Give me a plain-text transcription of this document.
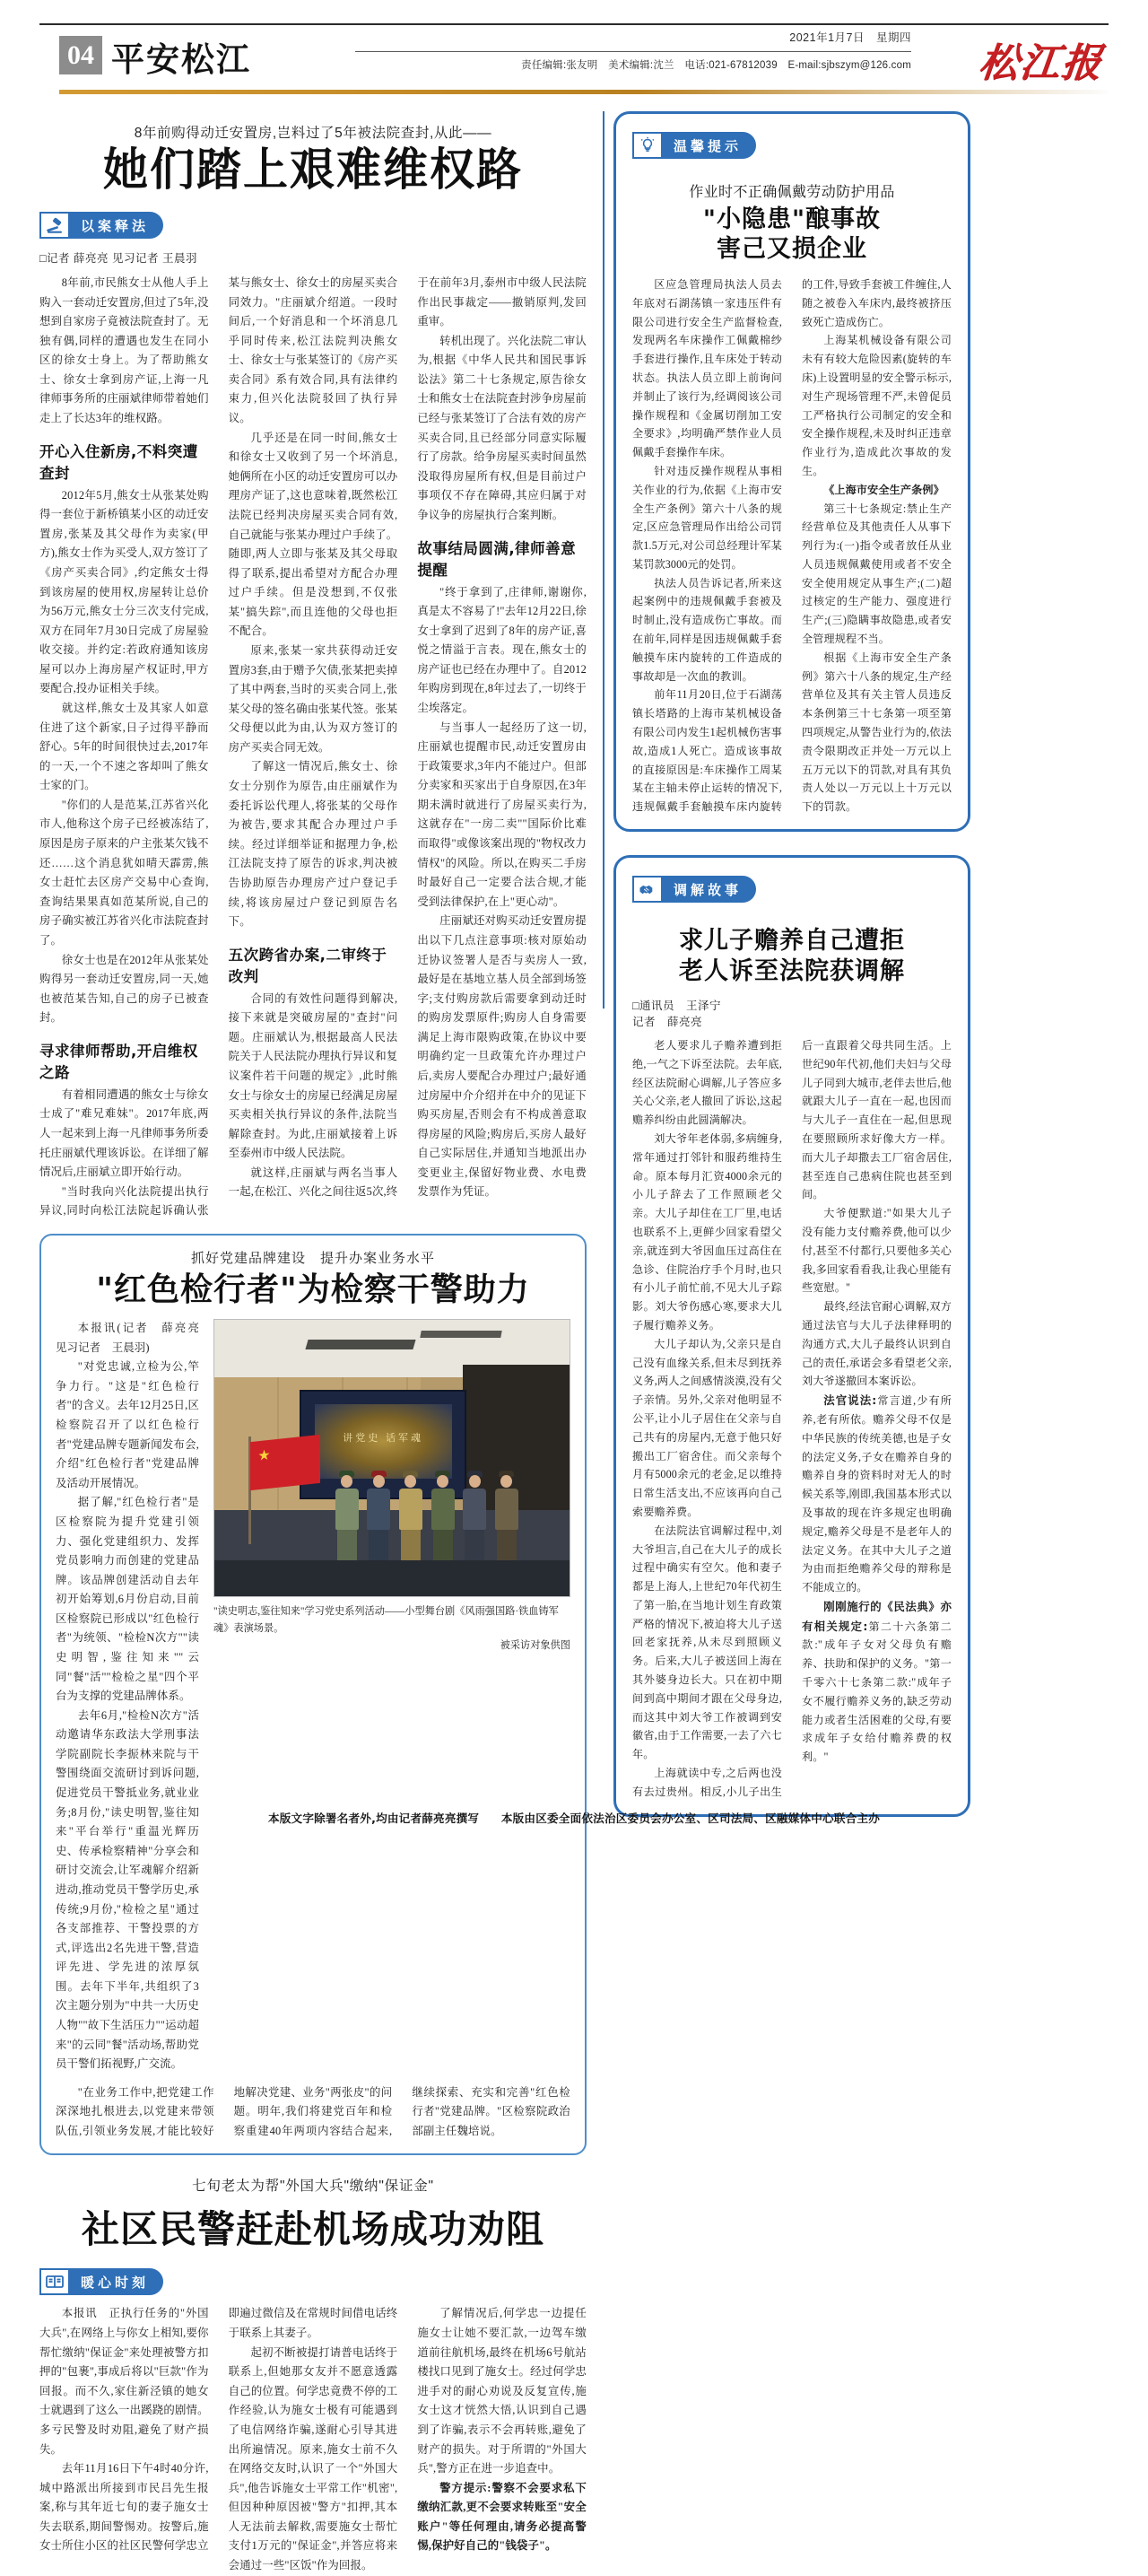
04 平安松江
2021年1月7日　星期四
责任编辑:张友明　美术编辑:沈兰　电话:021-67812039　E-mail:sjbszym@126.com 松江报
8年前购得动迁安置房,岂料过了5年被法院查封,从此——
她们踏上艰难维权路
以案释法
□记者 薛亮亮 见习记者 王晨羽

8年前,市民熊女士从他人手上购入一套动迁安置房,但过了5年,没想到自家房子竟被法院查封了。无独有偶,同样的遭遇也发生在同小区的徐女士身上。为了帮助熊女士、徐女士拿到房产证,上海一凡律师事务所的庄丽斌律师带着她们走上了长达3年的维权路。

开心入住新房,不料突遭查封

2012年5月,熊女士从张某处购得一套位于新桥镇某小区的动迁安置房,张某及其父母作为卖家(甲方),熊女士作为买受人,双方签订了《房产买卖合同》,约定熊女士得到该房屋的使用权,房屋转让总价为56万元,熊女士分三次支付完成,双方在同年7月30日完成了房屋验收交接。并约定:若政府通知该房屋可以办上海房屋产权证时,甲方要配合,投办证相关手续。

就这样,熊女士及其家人如意住进了这个新家,日子过得平静而舒心。5年的时间很快过去,2017年的一天,一个不速之客却叫了熊女士家的门。

"你们的人是范某,江苏省兴化市人,他称这个房子已经被冻结了,原因是房子原来的户主张某欠钱不还……这个消息犹如晴天霹雳,熊女士赶忙去区房产交易中心查询,查询结果果真如范某所说,自己的房子确实被江苏省兴化市法院查封了。

徐女士也是在2012年从张某处购得另一套动迁安置房,同一天,她也被范某告知,自己的房子已被查封。

寻求律师帮助,开启维权之路

有着相同遭遇的熊女士与徐女士成了"难兄难妹"。2017年底,两人一起来到上海一凡律师事务所委托庄丽斌代理该诉讼。在详细了解情况后,庄丽斌立即开始行动。

"当时我向兴化法院提出执行异议,同时向松江法院起诉确认张某与熊女士、徐女士的房屋买卖合同效力。"庄丽斌介绍道。一段时间后,一个好消息和一个坏消息几乎同时传来,松江法院判决熊女士、徐女士与张某签订的《房产买卖合同》系有效合同,具有法律约束力,但兴化法院驳回了执行异议。

几乎还是在同一时间,熊女士和徐女士又收到了另一个坏消息,她俩所在小区的动迁安置房可以办理房产证了,这也意味着,既然松江法院已经判决房屋买卖合同有效,自己就能与张某办理过户手续了。随即,两人立即与张某及其父母取得了联系,提出希望对方配合办理过户手续。但是没想到,不仅张某"搞失踪",而且连他的父母也拒不配合。

原来,张某一家共获得动迁安置房3套,由于赠予欠债,张某把卖掉了其中两套,当时的买卖合同上,张某父母的签名确由张某代签。张某父母便以此为由,认为双方签订的房产买卖合同无效。

了解这一情况后,熊女士、徐女士分别作为原告,由庄丽斌作为委托诉讼代理人,将张某的父母作为被告,要求其配合办理过户手续。经过详细举证和据理力争,松江法院支持了原告的诉求,判决被告协助原告办理房产过户登记手续,将该房屋过户登记到原告名下。

五次跨省办案,二审终于改判

合同的有效性问题得到解决,接下来就是突破房屋的"查封"问题。庄丽斌认为,根据最高人民法院关于人民法院办理执行异议和复议案件若干问题的规定》,此时熊女士与徐女士的房屋已经满足房屋买卖相关执行异议的条件,法院当解除查封。为此,庄丽斌接着上诉至泰州市中级人民法院。

就这样,庄丽斌与两名当事人一起,在松江、兴化之间往返5次,终于在前年3月,泰州市中级人民法院作出民事裁定——撤销原判,发回重审。

转机出现了。兴化法院二审认为,根据《中华人民共和国民事诉讼法》第二十七条规定,原告徐女士和熊女士在法院查封涉争房屋前已经与张某签订了合法有效的房产买卖合同,且已经部分同意实际履行了房款。给争房屋买卖时间虽然没取得房屋所有权,但是目前过户事项仅不存在障碍,其应归属于对争议争的房屋执行合案判断。

故事结局圆满,律师善意提醒

"终于拿到了,庄律师,谢谢你,真是太不容易了!"去年12月22日,徐女士拿到了迟到了8年的房产证,喜悦之情溢于言表。现在,熊女士的房产证也已经在办理中了。自2012年购房到现在,8年过去了,一切终于尘埃落定。

与当事人一起经历了这一切,庄丽斌也提醒市民,动迁安置房由于政策要求,3年内不能过户。但部分卖家和买家出于自身原因,在3年期未满时就进行了房屋买卖行为,这就存在"一房二卖""国际价比难而取得"或像该案出现的"物权改力情权"的风险。所以,在购买二手房时最好自己一定要合法合规,才能受到法律保护,在上"更心动"。

庄丽斌还对购买动迁安置房提出以下几点注意事项:核对原始动迁协议签署人是否与卖房人一致,最好是在基地立基人员全部到场签字;支付购房款后需要拿到动迁时的购房发票原件;购房人自身需要满足上海市限购政策,在协议中要明确约定一旦政策允许办理过户后,卖房人要配合办理过户;最好通过房屋中介介绍并在中介的见证下购买房屋,否则会有不构成善意取得房屋的风险;购房后,买房人最好自己实际居住,并通知当地派出办变更业主,保留好物业费、水电费发票作为凭证。

抓好党建品牌建设　提升办案业务水平
"红色检行者"为检察干警助力

本报讯(记者　薛亮亮　见习记者　王晨羽)

"对党忠诚,立检为公,竿争力行。"这是"红色检行者"的含义。去年12月25日,区检察院召开了以红色检行者"党建品牌专题新闻发布会,介绍"红色检行者"党建品牌及活动开展情况。

据了解,"红色检行者"是区检察院为提升党建引领力、强化党建组织力、发挥党员影响力而创建的党建品牌。该品牌创建活动自去年初开始筹划,6月份启动,目前区检察院已形成以"红色检行者"为统领、"检检N次方""读史明智,鉴往知来""云同"餐"活""检检之星"四个平台为支撑的党建品牌体系。

去年6月,"检检N次方"活动邀请华东政法大学刑事法学院副院长李振林来院与干警围绕面交流研讨到诉问题,促进党员干警抵业务,就业业务;8月份,"读史明智,鉴往知来"平台举行"重温光辉历史、传承检察精神"分享会和研讨交流会,让军魂解介绍新进动,推动党员干警学历史,承传统;9月份,"检检之星"通过各支部推荐、干警投票的方式,评选出2名先进干警,营造评先进、学先进的浓厚氛围。去年下半年,共组织了3次主题分别为"中共一大历史人物""故下生活压力""运动超来"的云同"餐"活动场,帮助党员干警们拓视野,广交流。

讲党史 话军魂
★
"读史明志,鉴往知来"学习党史系列活动——小型舞台剧《风雨强国路·铁血铸军魂》表演场景。
被采访对象供图

"在业务工作中,把党建工作深深地扎根进去,以党建来带领队伍,引领业务发展,才能比较好地解决党建、业务"两张皮"的问题。明年,我们将建党百年和检察重建40年两项内容结合起来,继续探索、充实和完善"红色检行者"党建品牌。"区检察院政治部副主任魏培说。

七旬老太为帮"外国大兵"缴纳"保证金"
社区民警赶赴机场成功劝阻
暖心时刻

本报讯　正执行任务的"外国大兵",在网络上与你女上相知,要你帮忙缴纳"保证金"来处理被警方扣押的"包裹",事成后将以"巨款"作为回报。而不久,家住新泾镇的她女士就遇到了这么一出蹊跷的剧情。多亏民警及时劝阻,避免了财产损失。

去年11月16日下午4时40分许,城中路派出所接到市民吕先生报案,称与其年近七旬的妻子施女士失去联系,期间警惕劝。按警后,施女士所住小区的社区民警何学忠立即遍过微信及在常规时间借电话终于联系上其妻子。

起初不断被提打请普电话终于联系上,但她那女友并不愿意透露自己的位置。何学忠竟费不停的工作经验,认为施女士极有可能遇到了电信网络诈骗,遂耐心引导其进出所遍情况。原来,施女士前不久在网络交友时,认识了一个"外国大兵",他告诉施女士平常工作"机密",但因种种原因被"警方"扣押,其本人无法前去解救,需要施女士帮忙支付1万元的"保证金",并答应将来会通过一些"区饭"作为回报。

了解情况后,何学忠一边提任施女士让她不要汇款,一边驾车缴道前往航机场,最终在机场6号航站楼找口见到了施女士。经过何学忠进手对的耐心劝说及反复宣传,施女士这才恍然大悟,认识到自己遇到了诈骗,表示不会再转账,避免了财产的损失。对于所谓的"外国大兵",警方正在进一步追查中。

警方提示:警察不会要求私下缴纳汇款,更不会要求转账至"安全账户"等任何理由,请务必提高警惕,保护好自己的"钱袋子"。

温馨提示
作业时不正确佩戴劳动防护用品
"小隐患"酿事故
害己又损企业

区应急管理局执法人员去年底对石湖荡镇一家违压件有限公司进行安全生产监督检查,发现两名车床操作工佩戴棉纱手套进行操作,且车床处于转动状态。执法人员立即上前询问并制止了该行为,经调阅该公司操作规程和《金属切削加工安全要求》,均明确严禁作业人员佩戴手套操作车床。

针对违反操作规程从事相关作业的行为,依据《上海市安全生产条例》第六十八条的规定,区应急管理局作出给公司罚款1.5万元,对公司总经理计军某某罚款3000元的处罚。

执法人员告诉记者,所来这起案例中的违规佩戴手套被及时制止,没有造成伤亡事故。而在前年,同样是因违规佩戴手套触摸车床内旋转的工件造成的事故却是一次血的教训。

前年11月20日,位于石湖荡镇长塔路的上海市某机械设备有限公司内发生1起机械伤害事故,造成1人死亡。造成该事故的直接原因是:车床操作工周某某在主轴未停止运转的情况下,违规佩戴手套触摸车床内旋转的工件,导致手套被工件缠住,人随之被卷入车床内,最终被挤压致死亡造成伤亡。

上海某机械设备有限公司未有有较大危险因素(旋转的车床)上设置明显的安全警示标示,对生产现场管理不严,未曾促员工严格执行公司制定的安全和安全操作规程,未及时纠正违章作业行为,造成此次事故的发生。

《上海市安全生产条例》

第三十七条规定:禁止生产经营单位及其他责任人从事下列行为:(一)指令或者放任从业人员违规佩戴使用或者不安全安全使用规定从事生产;(二)超过核定的生产能力、强度进行生产;(三)隐瞒事故隐患,或者安全管理规程不当。

根据《上海市安全生产条例》第六十八条的规定,生产经营单位及其有关主管人员违反本条例第三十七条第一项至第四项规定,从警告业行为的,依法责令限期改正并处一万元以上五万元以下的罚款,对具有其负责人处以一万元以上十万元以下的罚款。

调解故事
求儿子赡养自己遭拒
老人诉至法院获调解
□通讯员　王泽宁
记者　薛亮亮

老人要求儿子赡养遭到拒绝,一气之下诉至法院。去年底,经区法院耐心调解,儿子答应多关心父亲,老人撤回了诉讼,这起赡养纠纷由此圆满解决。

刘大爷年老体弱,多病缠身,常年通过打邻针和服药维持生命。原本每月汇资4000余元的小儿子辞去了工作照顾老父亲。大儿子却住在工厂里,电话也联系不上,更鲜少回家看望父亲,就连到大爷因血压过高住在急诊、住院治疗手个月时,也只有小儿子前忙前,不见大儿子踪影。刘大爷伤感心寒,要求大儿子履行赡养义务。

大儿子却认为,父亲只是自己没有血缘关系,但未尽到抚养义务,两人之间感情淡漠,没有父子亲情。另外,父亲对他明显不公平,让小儿子居住在父亲与自己共有的房屋内,无意于他只好搬出工厂宿舍住。而父亲每个月有5000余元的老金,足以维持日常生活支出,不应该再向自己索要赡养费。

在法院法官调解过程中,刘大爷坦言,自己在大儿子的成长过程中确实有空欠。他和妻子都是上海人,上世纪70年代初生了第一胎,在当地计划生育政策严格的情况下,被迫将大儿子送回老家抚养,从未尽到照顾义务。后来,大儿子被送回上海在其外婆身边长大。只在初中期间到高中期间才跟在父母身边,而这其中刘大爷工作被调到安徽省,由于工作需要,一去了六七年。

上海就读中专,之后两也没有去过贵州。相反,小儿子出生后一直跟着父母共同生活。上世纪90年代初,他们夫妇与父母儿子同到大城市,老伴去世后,他就跟大儿子一直在一起,也因而与大儿子一直住在一起,但思现在要照顾所求好像大方一样。而大儿子却撒去工厂宿舍居住,甚至连自己患病住院也甚至到间。

大爷便默道:"如果大儿子没有能力支付赡养费,他可以少付,甚至不付都行,只要他多关心我,多回家看看我,让我心里能有些宽慰。"

最终,经法官耐心调解,双方通过法官与大儿子法律释明的沟通方式,大儿子最终认识到自己的责任,承诺会多看望老父亲,刘大爷遂撤回本案诉讼。

法官说法:常言道,少有所养,老有所依。赡养父母不仅是中华民族的传统美德,也是子女的法定义务,子女在赡养自身的赡养自身的资料时对无人的时候关系等,刚即,我国基本形式以及事故的现在许多规定也明确规定,赡养父母是不是老年人的法定义务。在其中大儿子之道为由而拒绝赡养父母的辩称是不能成立的。

刚刚施行的《民法典》亦有相关规定:第二十六条第二款:"成年子女对父母负有赡养、扶助和保护的义务。"第一千零六十七条第二款:"成年子女不履行赡养义务的,缺乏劳动能力或者生活困难的父母,有要求成年子女给付赡养费的权利。"

本版文字除署名者外,均由记者薛亮亮撰写 本版由区委全面依法治区委员会办公室、区司法局、区融媒体中心联合主办
